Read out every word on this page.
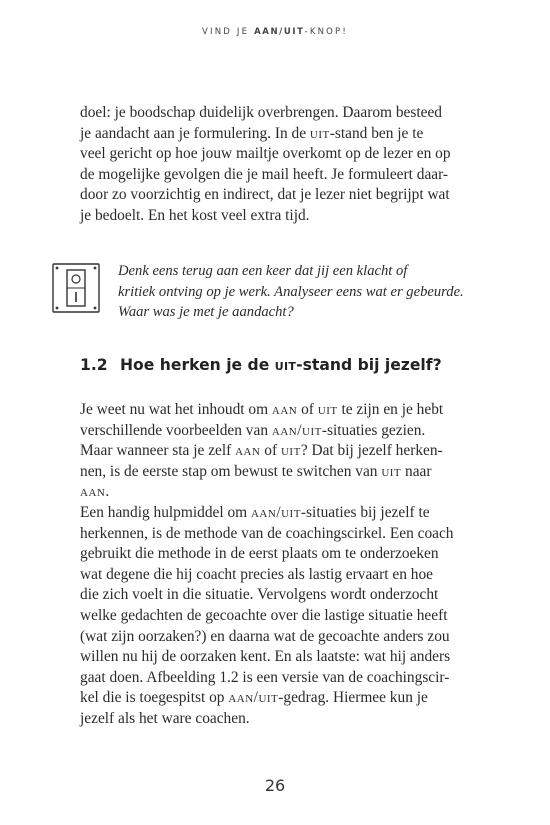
VIND JE AAN/UIT-KNOP!
doel: je boodschap duidelijk overbrengen. Daarom besteed
je aandacht aan je formulering. In de uit-stand ben je te
veel gericht op hoe jouw mailtje overkomt op de lezer en op
de mogelijke gevolgen die je mail heeft. Je formuleert daar-
door zo voorzichtig en indirect, dat je lezer niet begrijpt wat
je bedoelt. En het kost veel extra tijd.
Denk eens terug aan een keer dat jij een klacht of
kritiek ontving op je werk. Analyseer eens wat er gebeurde.
Waar was je met je aandacht?
1.2 Hoe herken je de uit-stand bij jezelf?
Je weet nu wat het inhoudt om aan of uit te zijn en je hebt
verschillende voorbeelden van aan/uit-situaties gezien.
Maar wanneer sta je zelf aan of uit? Dat bij jezelf herken-
nen, is de eerste stap om bewust te switchen van uit naar
aan.
Een handig hulpmiddel om aan/uit-situaties bij jezelf te
herkennen, is de methode van de coachingscirkel. Een coach
gebruikt die methode in de eerst plaats om te onderzoeken
wat degene die hij coacht precies als lastig ervaart en hoe
die zich voelt in die situatie. Vervolgens wordt onderzocht
welke gedachten de gecoachte over die lastige situatie heeft
(wat zijn oorzaken?) en daarna wat de gecoachte anders zou
willen nu hij de oorzaken kent. En als laatste: wat hij anders
gaat doen. Afbeelding 1.2 is een versie van de coachingscir-
kel die is toegespitst op aan/uit-gedrag. Hiermee kun je
jezelf als het ware coachen.
26
